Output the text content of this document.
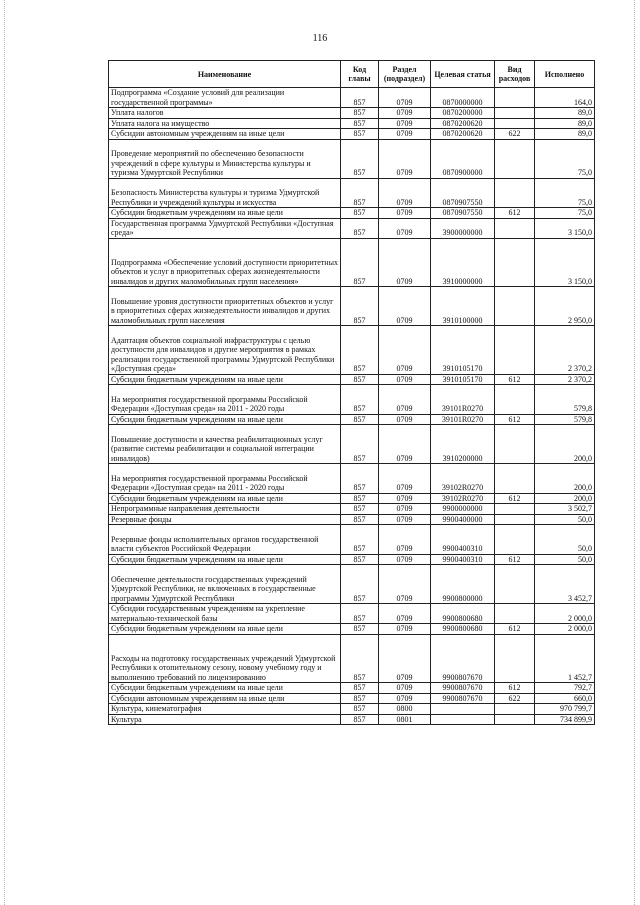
116
Наименование	Код главы	Раздел (подраздел)	Целевая статья	Вид расходов	Исполнено
Подпрограмма «Создание условий для реализации государственной программы»	857	0709	0870000000		164,0
Уплата налогов	857	0709	0870200000		89,0
Уплата налога на имущество	857	0709	0870200620		89,0
Субсидии автономным учреждениям на иные цели	857	0709	0870200620	622	89,0
Проведение мероприятий по обеспечению безопасности учреждений в сфере культуры и Министерства культуры и туризма Удмуртской Республики	857	0709	0870900000		75,0
Безопасность Министерства культуры и туризма Удмуртской Республики и учреждений культуры и искусства	857	0709	0870907550		75,0
Субсидии бюджетным учреждениям на иные цели	857	0709	0870907550	612	75,0
Государственная программа Удмуртской Республики «Доступная среда»	857	0709	3900000000		3 150,0
Подпрограмма «Обеспечение условий доступности приоритетных объектов и услуг в приоритетных сферах жизнедеятельности инвалидов и других маломобильных групп населения»	857	0709	3910000000		3 150,0
Повышение уровня доступности приоритетных объектов и услуг в приоритетных сферах жизнедеятельности инвалидов и других маломобильных групп населения	857	0709	3910100000		2 950,0
Адаптация объектов социальной инфраструктуры с целью доступности для инвалидов и другие мероприятия в рамках реализации государственной программы Удмуртской Республики «Доступная среда»	857	0709	3910105170		2 370,2
Субсидии бюджетным учреждениям на иные цели	857	0709	3910105170	612	2 370,2
На мероприятия государственной программы Российской Федерации «Доступная среда» на 2011 - 2020 годы	857	0709	39101R0270		579,8
Субсидии бюджетным учреждениям на иные цели	857	0709	39101R0270	612	579,8
Повышение доступности и качества реабилитационных услуг (развитие системы реабилитации и социальной интеграции инвалидов)	857	0709	3910200000		200,0
На мероприятия государственной программы Российской Федерации «Доступная среда» на 2011 - 2020 годы	857	0709	39102R0270		200,0
Субсидии бюджетным учреждениям на иные цели	857	0709	39102R0270	612	200,0
Непрограммные направления деятельности	857	0709	9900000000		3 502,7
Резервные фонды	857	0709	9900400000		50,0
Резервные фонды исполнительных органов государственной власти субъектов Российской Федерации	857	0709	9900400310		50,0
Субсидии бюджетным учреждениям на иные цели	857	0709	9900400310	612	50,0
Обеспечение деятельности государственных учреждений Удмуртской Республики, не включенных в государственные программы Удмуртской Республики	857	0709	9900800000		3 452,7
Субсидии государственным учреждениям на укрепление материально-технической базы	857	0709	9900800680		2 000,0
Субсидии бюджетным учреждениям на иные цели	857	0709	9900800680	612	2 000,0
Расходы на подготовку государственных учреждений Удмуртской Республики к отопительному сезону, новому учебному году и выполнению требований по лицензированию	857	0709	9900807670		1 452,7
Субсидии бюджетным учреждениям на иные цели	857	0709	9900807670	612	792,7
Субсидии автономным учреждениям на иные цели	857	0709	9900807670	622	660,0
Культура, кинематография	857	0800			970 799,7
Культура	857	0801			734 899,9
